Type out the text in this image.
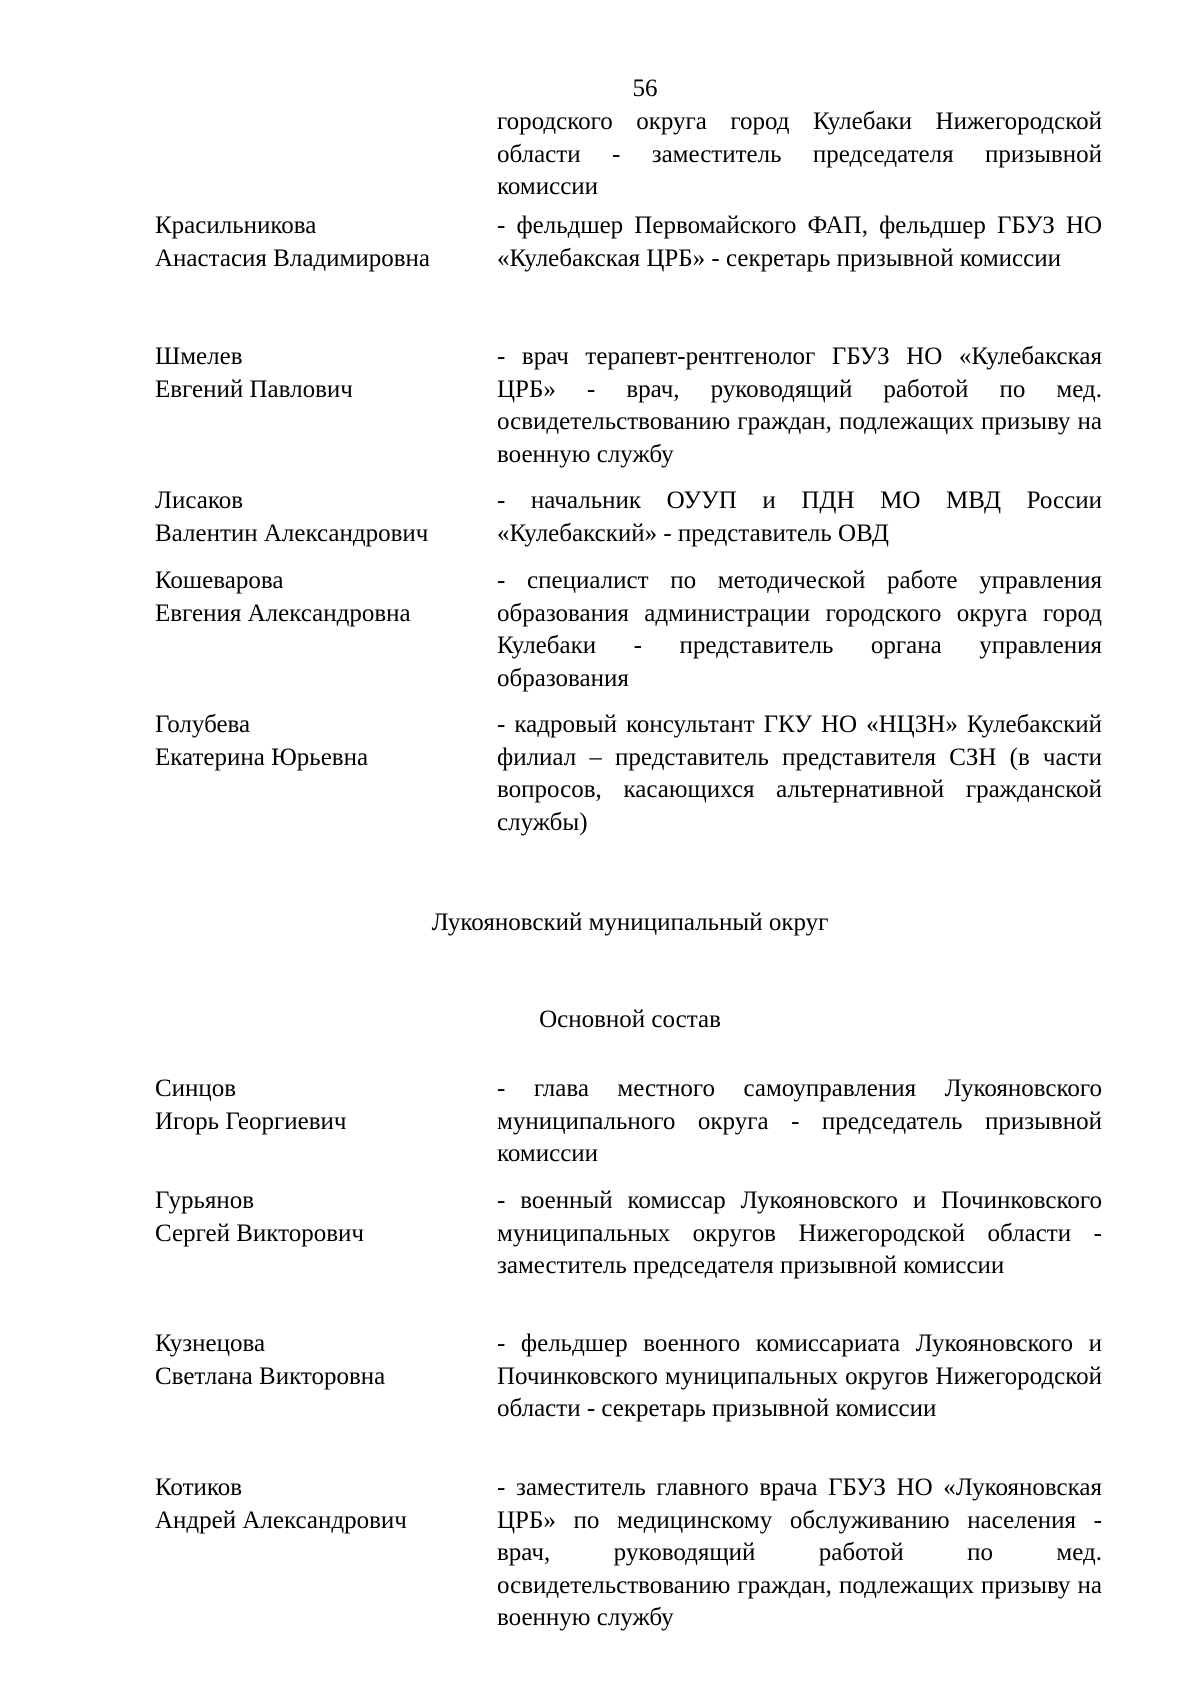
56
городского округа город Кулебаки Нижегородской области - заместитель председателя призывной комиссии
Красильникова
Анастасия Владимировна
- фельдшер Первомайского ФАП, фельдшер ГБУЗ НО «Кулебакская ЦРБ» - секретарь призывной комиссии
Шмелев
Евгений Павлович
- врач терапевт-рентгенолог ГБУЗ НО «Кулебакская ЦРБ» - врач, руководящий работой по мед. освидетельствованию граждан, подлежащих призыву на военную службу
Лисаков
Валентин Александрович
- начальник ОУУП и ПДН МО МВД России «Кулебакский» - представитель ОВД
Кошеварова
Евгения Александровна
- специалист по методической работе управления образования администрации городского округа город Кулебаки - представитель органа управления образования
Голубева
Екатерина Юрьевна
- кадровый консультант ГКУ НО «НЦЗН» Кулебакский филиал – представитель представителя СЗН (в части вопросов, касающихся альтернативной гражданской службы)
Лукояновский муниципальный округ
Основной состав
Синцов
Игорь Георгиевич
- глава местного самоуправления Лукояновского муниципального округа - председатель призывной комиссии
Гурьянов
Сергей Викторович
- военный комиссар Лукояновского и Починковского муниципальных округов Нижегородской области - заместитель председателя призывной комиссии
Кузнецова
Светлана Викторовна
- фельдшер военного комиссариата Лукояновского и Починковского муниципальных округов Нижегородской области - секретарь призывной комиссии
Котиков
Андрей Александрович
- заместитель главного врача ГБУЗ НО «Лукояновская ЦРБ» по медицинскому обслуживанию населения - врач, руководящий работой по мед. освидетельствованию граждан, подлежащих призыву на военную службу
